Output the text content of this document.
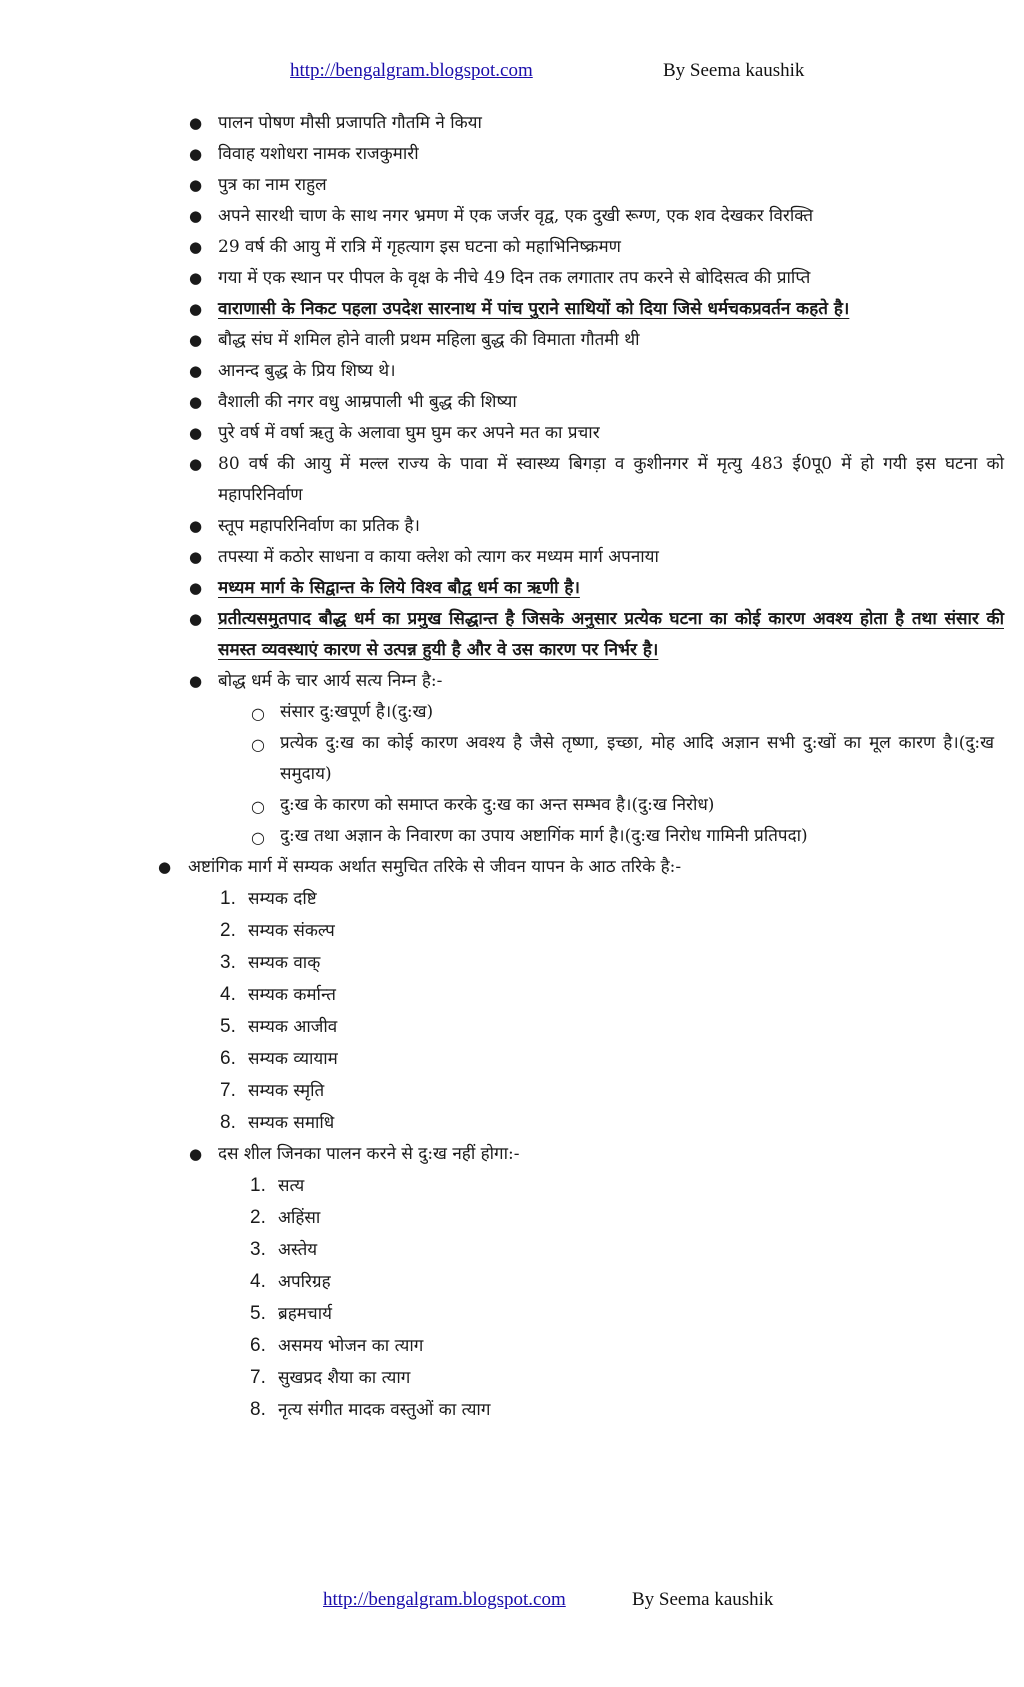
http://bengalgram.blogspot.com	By Seema kaushik
● पालन पोषण मौसी प्रजापति गौतमि ने किया
● विवाह यशोधरा नामक राजकुमारी
● पुत्र का नाम राहुल
● अपने सारथी चाण के साथ नगर भ्रमण में एक जर्जर वृद्व, एक दुखी रूग्ण, एक शव देखकर विरक्ति
● 29 वर्ष की आयु में रात्रि में गृहत्याग इस घटना को महाभिनिष्क्रमण
● गया में एक स्थान पर पीपल के वृक्ष के नीचे 49 दिन तक लगातार तप करने से बोदिसत्व की प्राप्ति
● वाराणासी के निकट पहला उपदेश सारनाथ में पांच पुराने साथियों को दिया जिसे धर्मचकप्रवर्तन कहते है।
● बौद्ध संघ में शमिल होने वाली प्रथम महिला बुद्ध की विमाता गौतमी थी
● आनन्द बुद्ध के प्रिय शिष्य थे।
● वैशाली की नगर वधु आम्रपाली भी बुद्ध की शिष्या
● पुरे वर्ष में वर्षा ऋतु के अलावा घुम घुम कर अपने मत का प्रचार
● 80 वर्ष की आयु में मल्ल राज्य के पावा में स्वास्थ्य बिगड़ा व कुशीनगर में मृत्यु 483 ई0पू0 में हो गयी इस घटना को महापरिनिर्वाण
● स्तूप महापरिनिर्वाण का प्रतिक है।
● तपस्या में कठोर साधना व काया क्लेश को त्याग कर मध्यम मार्ग अपनाया
● मध्यम मार्ग के सिद्वान्त के लिये विश्व बौद्व धर्म का ऋणी है।
● प्रतीत्यसमुतपाद बौद्ध धर्म का प्रमुख सिद्धान्त है जिसके अनुसार प्रत्येक घटना का कोई कारण अवश्य होता है तथा संसार की समस्त व्यवस्थाएं कारण से उत्पन्न हुयी है और वे उस कारण पर निर्भर है।
● बोद्ध धर्म के चार आर्य सत्य निम्न है:-
○ संसार दु:खपूर्ण है।(दु:ख)
○ प्रत्येक दु:ख का कोई कारण अवश्य है जैसे तृष्णा, इच्छा, मोह आदि अज्ञान सभी दु:खों का मूल कारण है।(दु:ख समुदाय)
○ दु:ख के कारण को समाप्त करके दु:ख का अन्त सम्भव है।(दु:ख निरोध)
○ दु:ख तथा अज्ञान के निवारण का उपाय अष्टागिंक मार्ग है।(दु:ख निरोध गामिनी प्रतिपदा)
● अष्टांगिक मार्ग में सम्यक अर्थात समुचित तरिके से जीवन यापन के आठ तरिके है:-
1. सम्यक दष्टि
2. सम्यक संकल्प
3. सम्यक वाक्
4. सम्यक कर्मान्त
5. सम्यक आजीव
6. सम्यक व्यायाम
7. सम्यक स्मृति
8. सम्यक समाधि
● दस शील जिनका पालन करने से दु:ख नहीं होगा:-
1. सत्य
2. अहिंसा
3. अस्तेय
4. अपरिग्रह
5. ब्रहमचार्य
6. असमय भोजन का त्याग
7. सुखप्रद शैया का त्याग
8. नृत्य संगीत मादक वस्तुओं का त्याग
http://bengalgram.blogspot.com	By Seema kaushik
